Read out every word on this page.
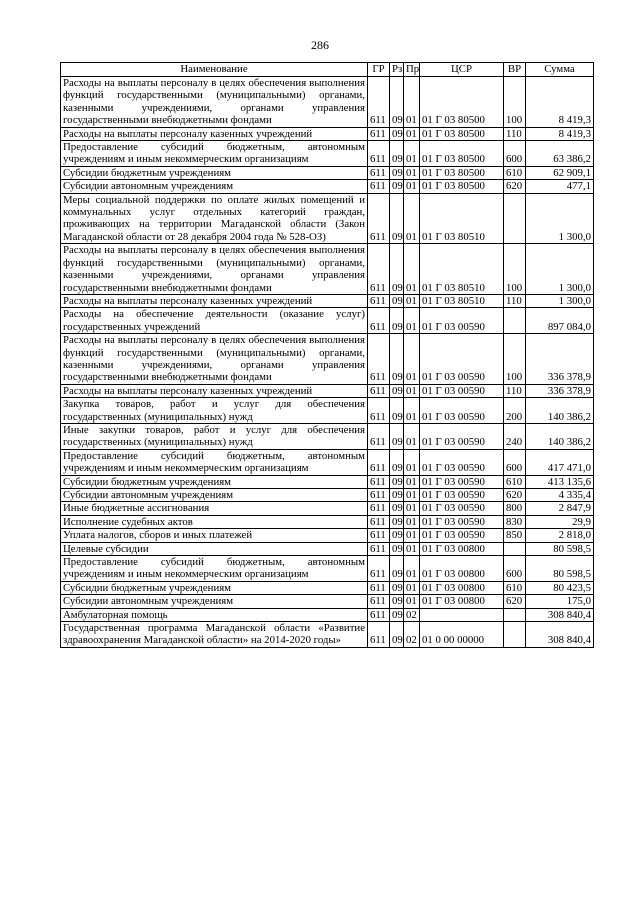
286
Наименование	ГР	Рз	Пр	ЦСР	ВР	Сумма
Расходы на выплаты персоналу в целях обеспечения выполнения функций государственными (муниципальными) органами, казенными учреждениями, органами управления государственными внебюджетными фондами	611	09	01	01 Г 03 80500	100	8 419,3
Расходы на выплаты персоналу казенных учреждений	611	09	01	01 Г 03 80500	110	8 419,3
Предоставление субсидий бюджетным, автономным учреждениям и иным некоммерческим организациям	611	09	01	01 Г 03 80500	600	63 386,2
Субсидии бюджетным учреждениям	611	09	01	01 Г 03 80500	610	62 909,1
Субсидии автономным учреждениям	611	09	01	01 Г 03 80500	620	477,1
Меры социальной поддержки по оплате жилых помещений и коммунальных услуг отдельных категорий граждан, проживающих на территории Магаданской области (Закон Магаданской области от 28 декабря 2004 года № 528-ОЗ)	611	09	01	01 Г 03 80510		1 300,0
Расходы на выплаты персоналу в целях обеспечения выполнения функций государственными (муниципальными) органами, казенными учреждениями, органами управления государственными внебюджетными фондами	611	09	01	01 Г 03 80510	100	1 300,0
Расходы на выплаты персоналу казенных учреждений	611	09	01	01 Г 03 80510	110	1 300,0
Расходы на обеспечение деятельности (оказание услуг) государственных учреждений	611	09	01	01 Г 03 00590		897 084,0
Расходы на выплаты персоналу в целях обеспечения выполнения функций государственными (муниципальными) органами, казенными учреждениями, органами управления государственными внебюджетными фондами	611	09	01	01 Г 03 00590	100	336 378,9
Расходы на выплаты персоналу казенных учреждений	611	09	01	01 Г 03 00590	110	336 378,9
Закупка товаров, работ и услуг для обеспечения государственных (муниципальных) нужд	611	09	01	01 Г 03 00590	200	140 386,2
Иные закупки товаров, работ и услуг для обеспечения государственных (муниципальных) нужд	611	09	01	01 Г 03 00590	240	140 386,2
Предоставление субсидий бюджетным, автономным учреждениям и иным некоммерческим организациям	611	09	01	01 Г 03 00590	600	417 471,0
Субсидии бюджетным учреждениям	611	09	01	01 Г 03 00590	610	413 135,6
Субсидии автономным учреждениям	611	09	01	01 Г 03 00590	620	4 335,4
Иные бюджетные ассигнования	611	09	01	01 Г 03 00590	800	2 847,9
Исполнение судебных актов	611	09	01	01 Г 03 00590	830	29,9
Уплата налогов, сборов и иных платежей	611	09	01	01 Г 03 00590	850	2 818,0
Целевые субсидии	611	09	01	01 Г 03 00800		80 598,5
Предоставление субсидий бюджетным, автономным учреждениям и иным некоммерческим организациям	611	09	01	01 Г 03 00800	600	80 598,5
Субсидии бюджетным учреждениям	611	09	01	01 Г 03 00800	610	80 423,5
Субсидии автономным учреждениям	611	09	01	01 Г 03 00800	620	175,0
Амбулаторная помощь	611	09	02			308 840,4
Государственная программа Магаданской области «Развитие здравоохранения Магаданской области» на 2014-2020 годы»	611	09	02	01 0 00 00000		308 840,4
